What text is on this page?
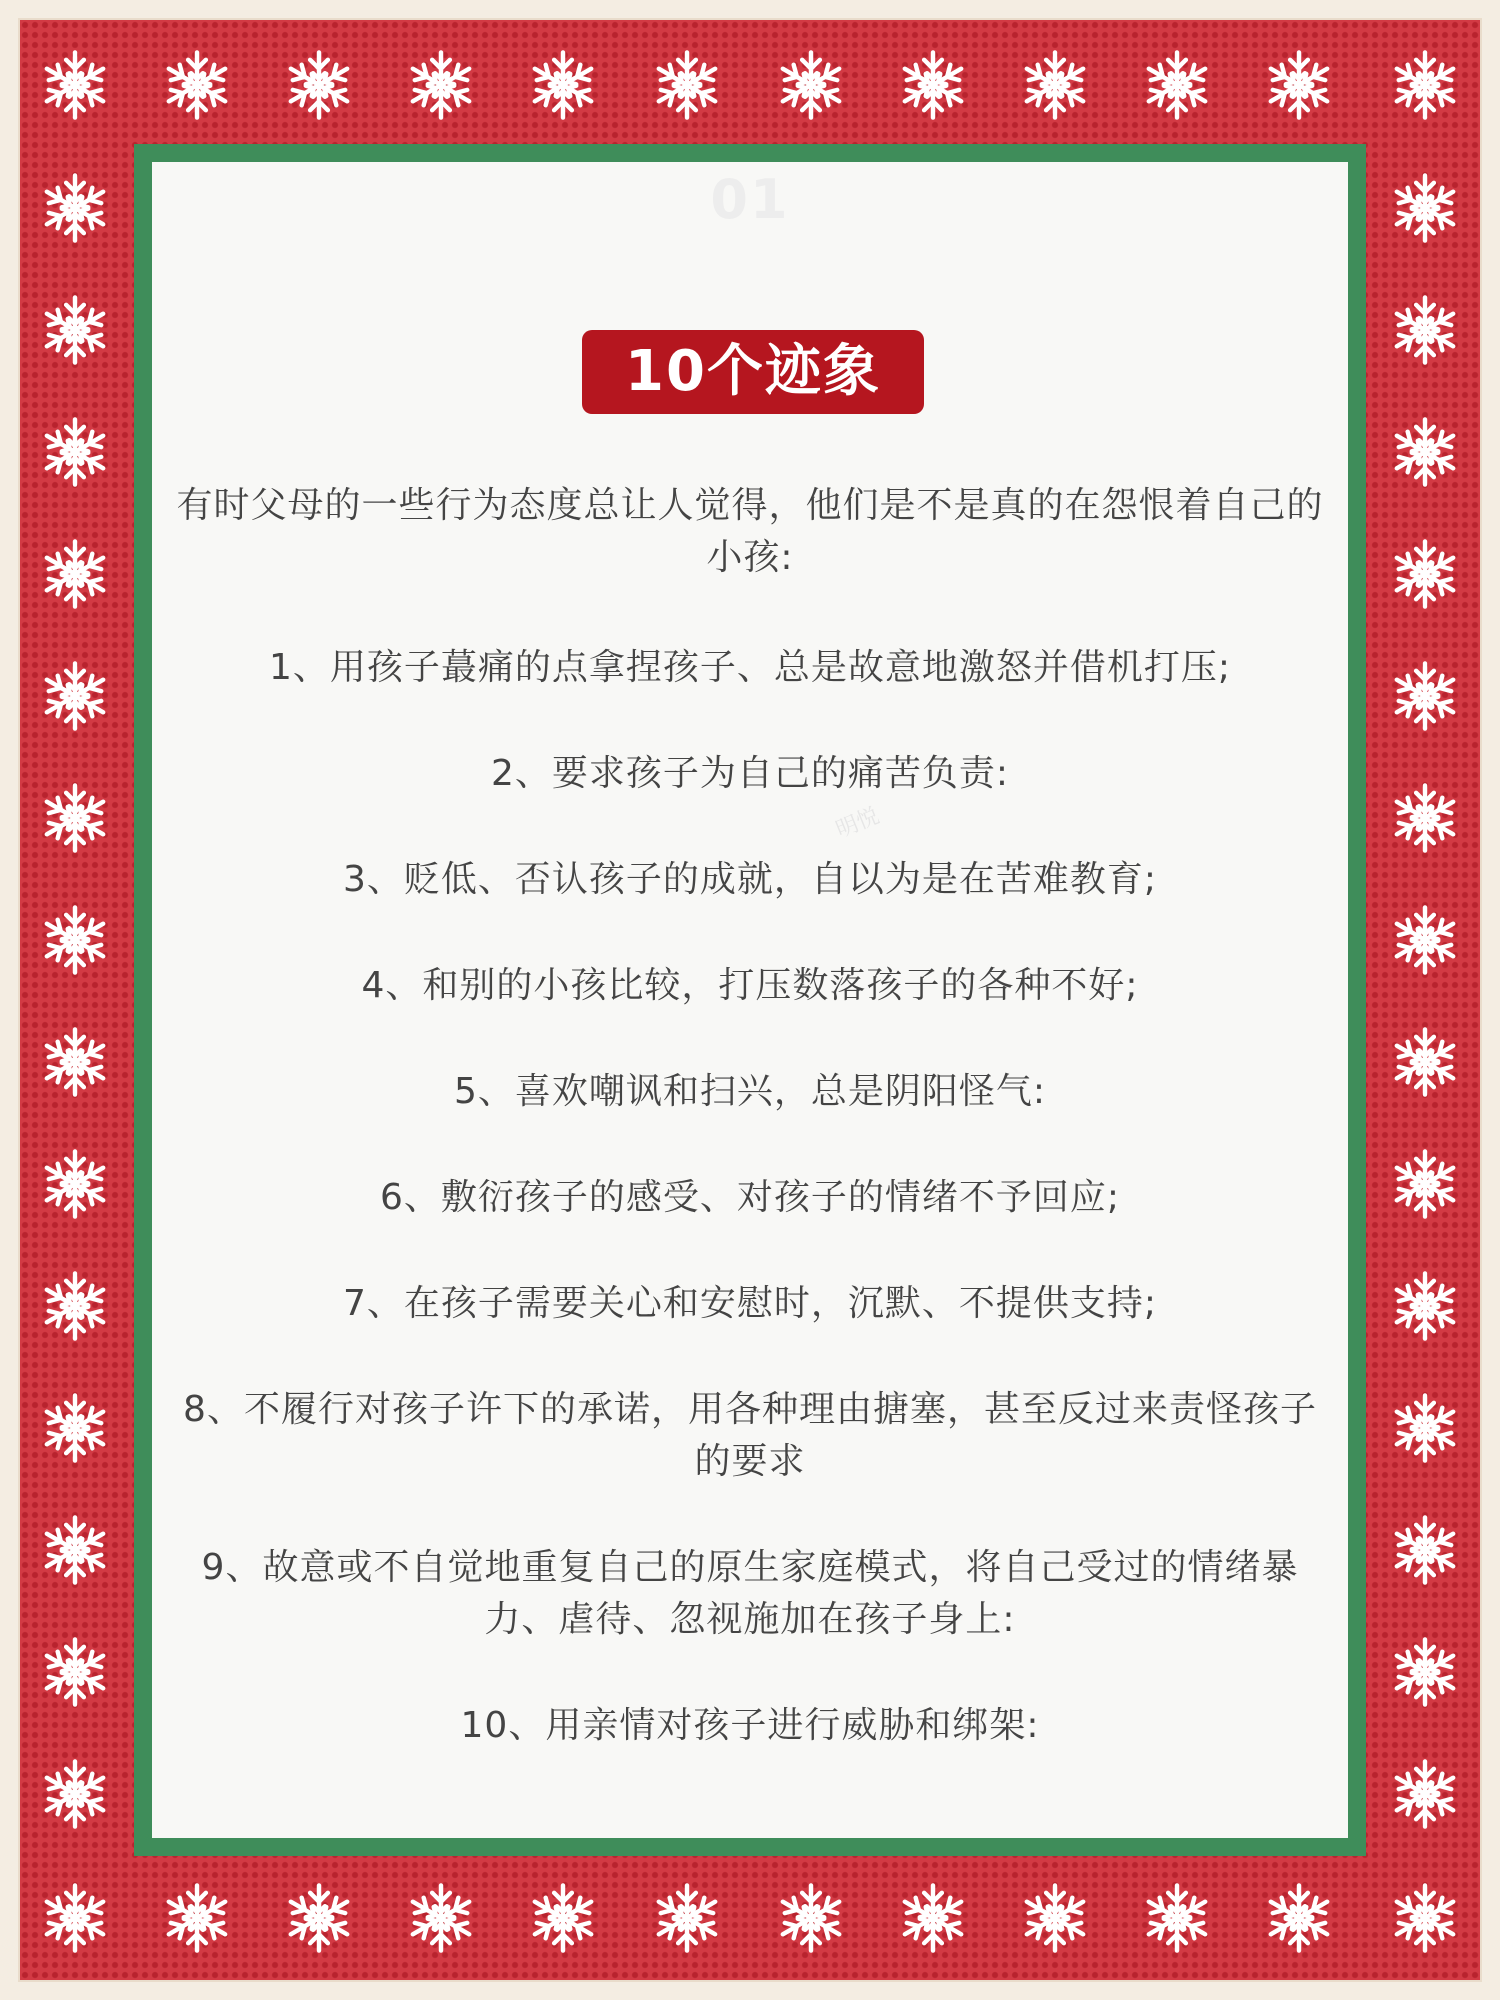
01
明悦
10个迹象
有时父母的一些行为态度总让人觉得，他们是不是真的在怨恨着自己的小孩:
1、用孩子蕞痛的点拿捏孩子、总是故意地激怒并借机打压;
2、要求孩子为自己的痛苦负责:
3、贬低、否认孩子的成就，自以为是在苦难教育;
4、和别的小孩比较，打压数落孩子的各种不好;
5、喜欢嘲讽和扫兴，总是阴阳怪气:
6、敷衍孩子的感受、对孩子的情绪不予回应;
7、在孩子需要关心和安慰时，沉默、不提供支持;
8、不履行对孩子许下的承诺，用各种理由搪塞，甚至反过来责怪孩子的要求
9、故意或不自觉地重复自己的原生家庭模式，将自己受过的情绪暴力、虐待、忽视施加在孩子身上:
10、用亲情对孩子进行威胁和绑架:
